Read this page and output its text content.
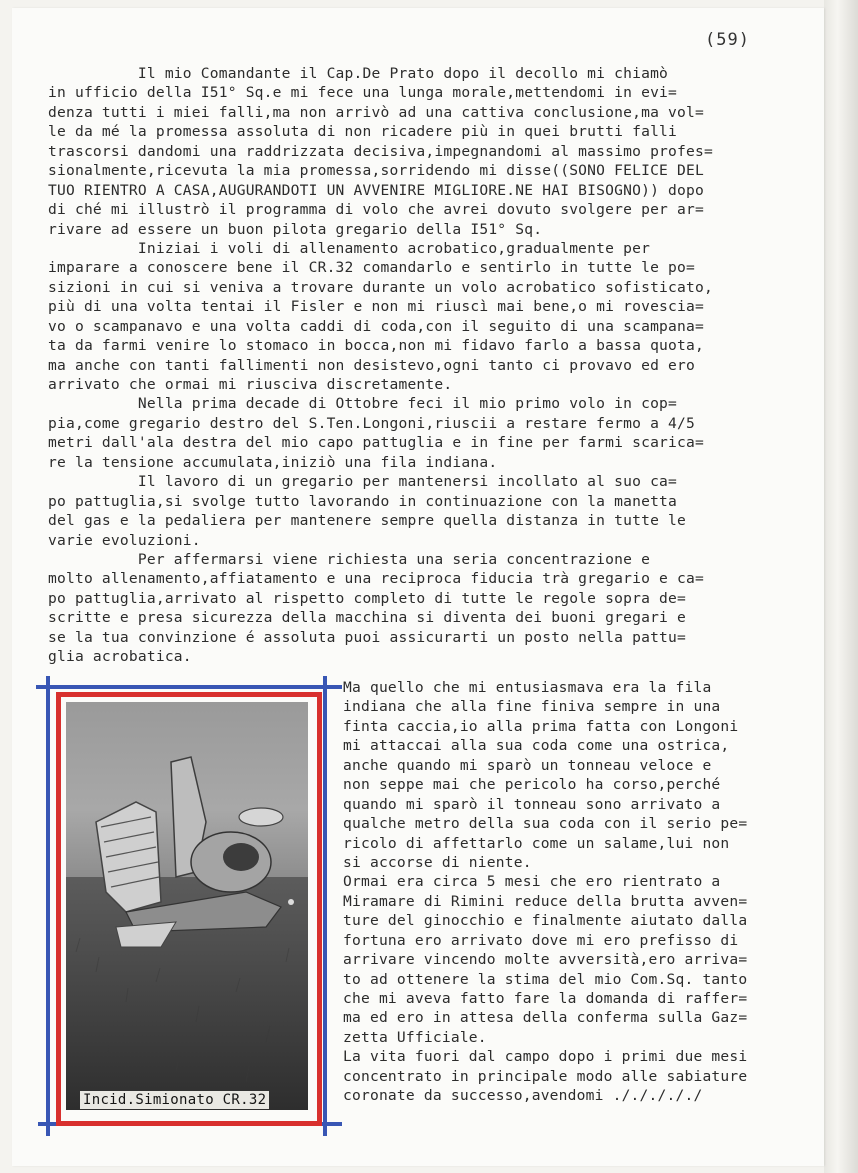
(59)
Il mio Comandante il Cap.De Prato dopo il decollo mi chiamò
in ufficio della I51° Sq.e mi fece una lunga morale,mettendomi in evi=
denza tutti i miei falli,ma non arrivò ad una cattiva conclusione,ma vol=
le da mé la promessa assoluta di non ricadere più in quei brutti falli
trascorsi dandomi una raddrizzata decisiva,impegnandomi al massimo profes=
sionalmente,ricevuta la mia promessa,sorridendo mi disse((SONO FELICE DEL
TUO RIENTRO A CASA,AUGURANDOTI UN AVVENIRE MIGLIORE.NE HAI BISOGNO)) dopo
di ché mi illustrò il programma di volo che avrei dovuto svolgere per ar=
rivare ad essere un buon pilota gregario della I51° Sq.
Iniziai i voli di allenamento acrobatico,gradualmente per
imparare a conoscere bene il CR.32 comandarlo e sentirlo in tutte le po=
sizioni in cui si veniva a trovare durante un volo acrobatico sofisticato,
più di una volta tentai il Fisler e non mi riuscì mai bene,o mi rovescia=
vo o scampanavo e una volta caddi di coda,con il seguito di una scampana=
ta da farmi venire lo stomaco in bocca,non mi fidavo farlo a bassa quota,
ma anche con tanti fallimenti non desistevo,ogni tanto ci provavo ed ero
arrivato che ormai mi riusciva discretamente.
Nella prima decade di Ottobre feci il mio primo volo in cop=
pia,come gregario destro del S.Ten.Longoni,riuscii a restare fermo a 4/5
metri dall'ala destra del mio capo pattuglia e in fine per farmi scarica=
re la tensione accumulata,iniziò una fila indiana.
Il lavoro di un gregario per mantenersi incollato al suo ca=
po pattuglia,si svolge tutto lavorando in continuazione con la manetta
del gas e la pedaliera per mantenere sempre quella distanza in tutte le
varie evoluzioni.
Per affermarsi viene richiesta una seria concentrazione e
molto allenamento,affiatamento e una reciproca fiducia trà gregario e ca=
po pattuglia,arrivato al rispetto completo di tutte le regole sopra de=
scritte e presa sicurezza della macchina si diventa dei buoni gregari e
se la tua convinzione é assoluta puoi assicurarti un posto nella pattu=
glia acrobatica.
Incid.Simionato CR.32
Ma quello che mi entusiasmava era la fila
indiana che alla fine finiva sempre in una
finta caccia,io alla prima fatta con Longoni
mi attaccai alla sua coda come una ostrica,
anche quando mi sparò un tonneau veloce e
non seppe mai che pericolo ha corso,perché
quando mi sparò il tonneau sono arrivato a
qualche metro della sua coda con il serio pe=
ricolo di affettarlo come un salame,lui non
si accorse di niente.
Ormai era circa 5 mesi che ero rientrato a
Miramare di Rimini reduce della brutta avven=
ture del ginocchio e finalmente aiutato dalla
fortuna ero arrivato dove mi ero prefisso di
arrivare vincendo molte avversità,ero arriva=
to ad ottenere la stima del mio Com.Sq. tanto
che mi aveva fatto fare la domanda di raffer=
ma ed ero in attesa della conferma sulla Gaz=
zetta Ufficiale.
La vita fuori dal campo dopo i primi due mesi
concentrato in principale modo alle sabiature
coronate da successo,avendomi ./././././
